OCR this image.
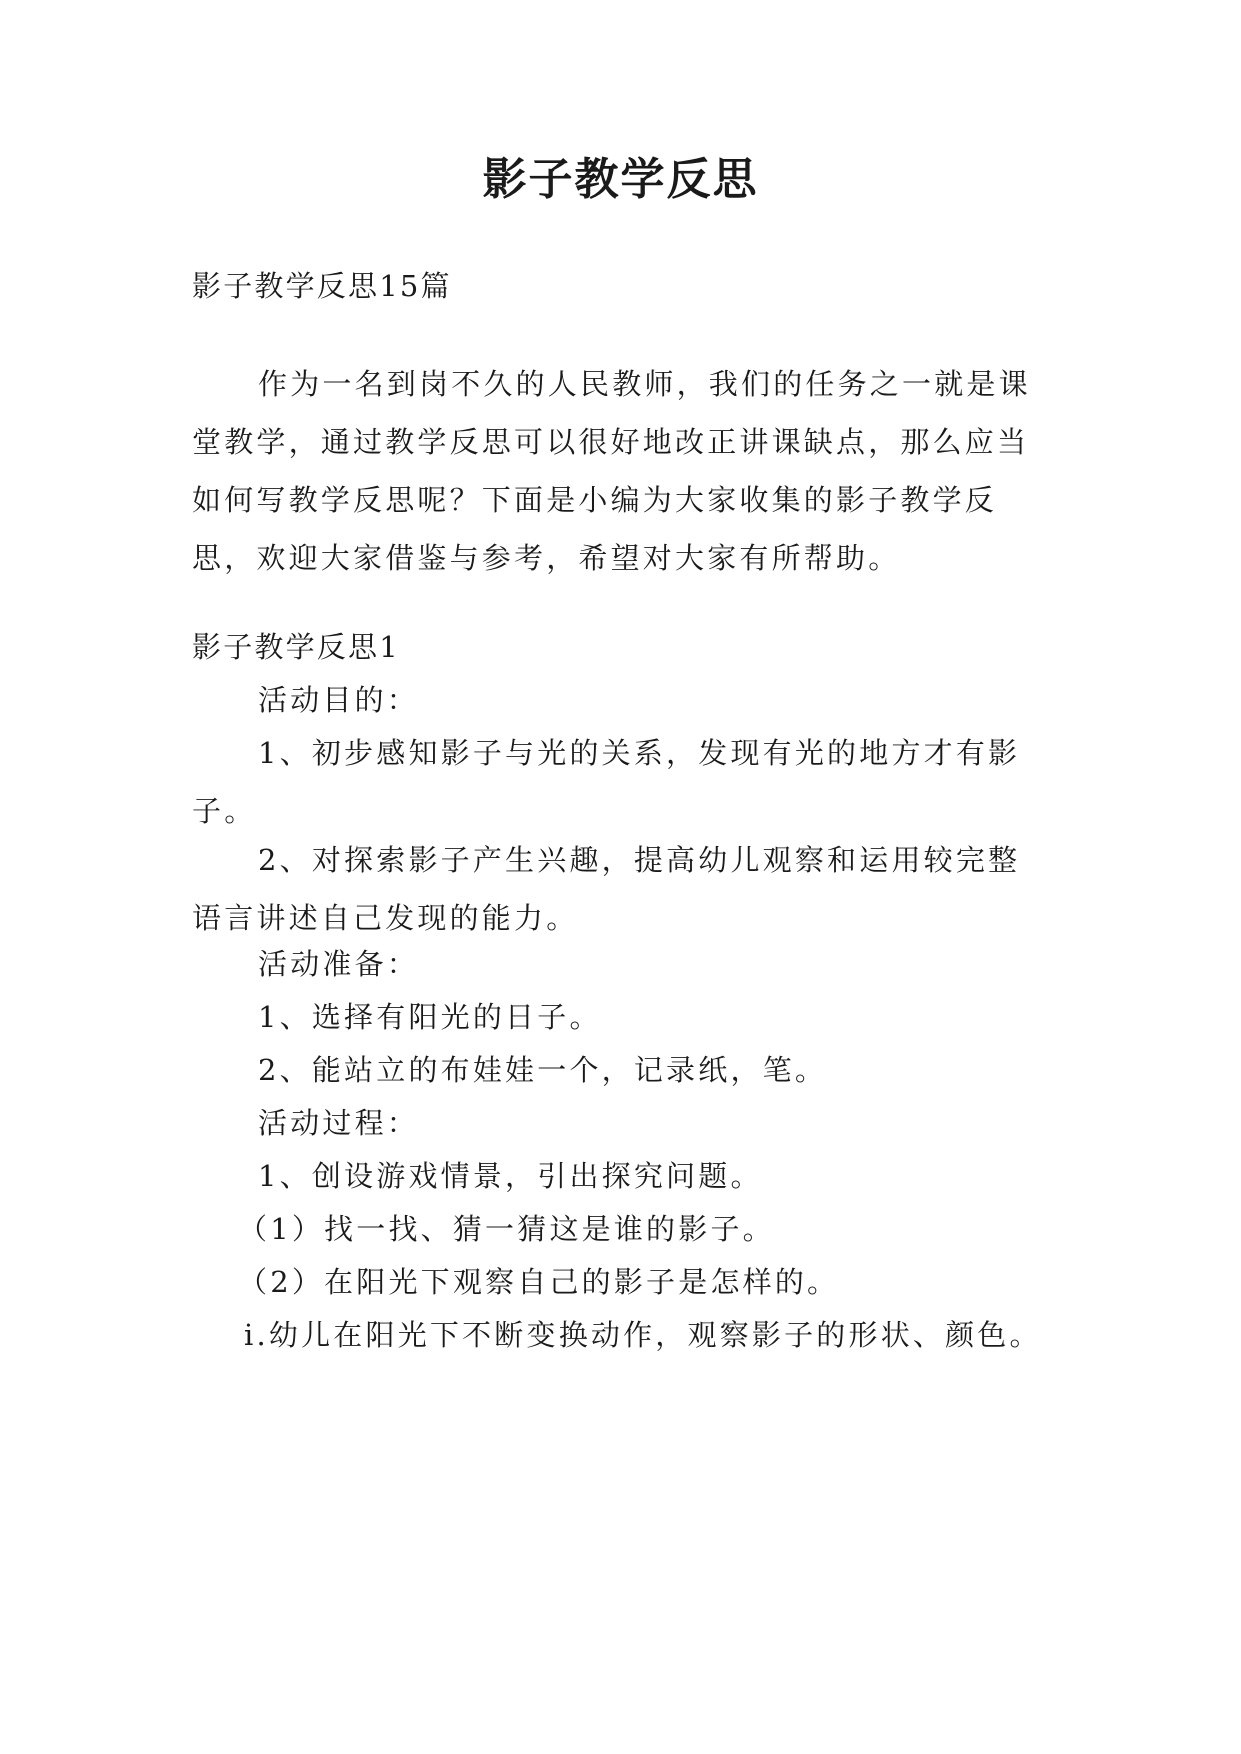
影子教学反思

影子教学反思15篇

作为一名到岗不久的人民教师，我们的任务之一就是课堂教学，通过教学反思可以很好地改正讲课缺点，那么应当如何写教学反思呢？下面是小编为大家收集的影子教学反思，欢迎大家借鉴与参考，希望对大家有所帮助。

影子教学反思1

活动目的：

1、初步感知影子与光的关系，发现有光的地方才有影子。

2、对探索影子产生兴趣，提高幼儿观察和运用较完整语言讲述自己发现的能力。

活动准备：

1、选择有阳光的日子。

2、能站立的布娃娃一个，记录纸，笔。

活动过程：

1、创设游戏情景，引出探究问题。

（1）找一找、猜一猜这是谁的影子。

（2）在阳光下观察自己的影子是怎样的。

ⅰ.幼儿在阳光下不断变换动作，观察影子的形状、颜色。
